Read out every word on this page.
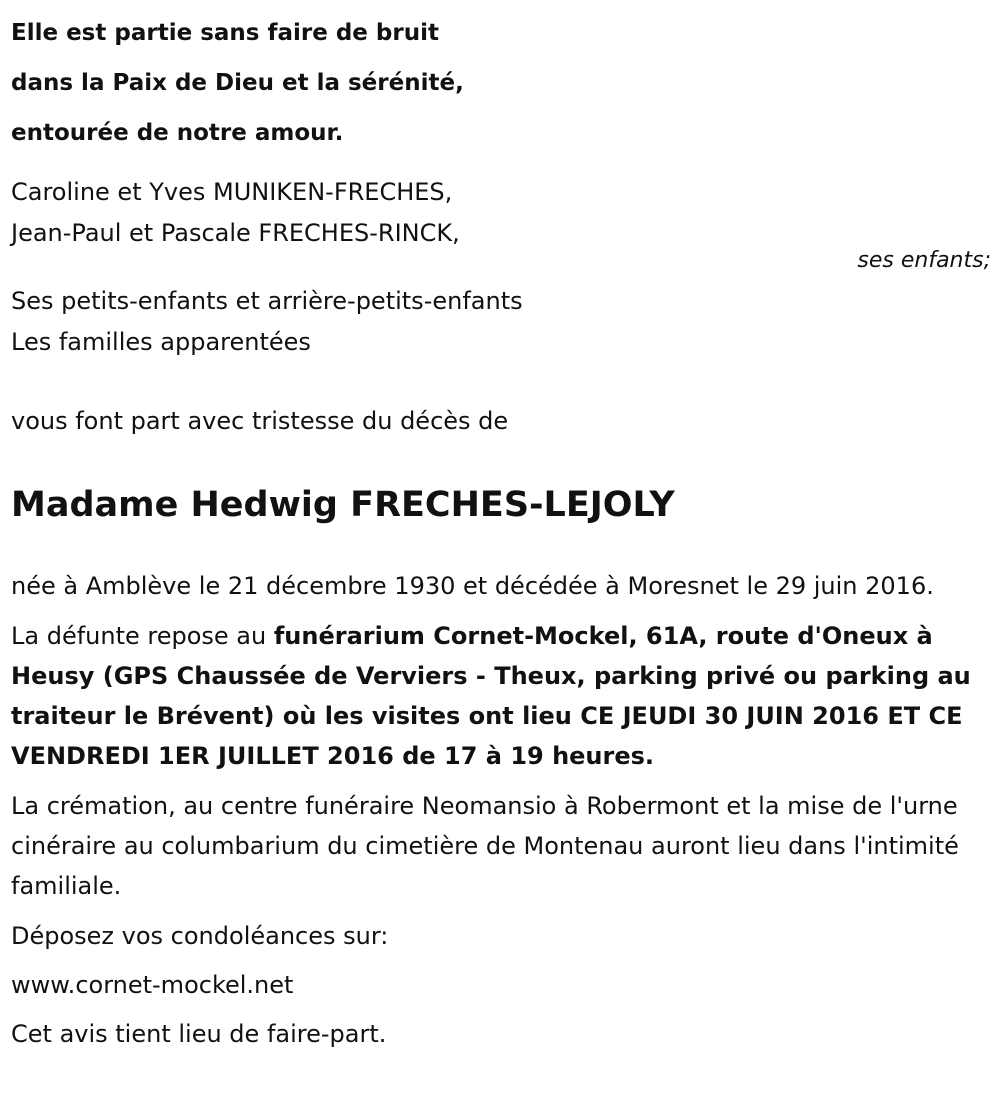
Elle est partie sans faire de bruit
dans la Paix de Dieu et la sérénité,
entourée de notre amour.
Caroline et Yves MUNIKEN-FRECHES,
Jean-Paul et Pascale FRECHES-RINCK,
ses enfants;
Ses petits-enfants et arrière-petits-enfants
Les familles apparentées
vous font part avec tristesse du décès de
Madame Hedwig FRECHES-LEJOLY

née à Amblève le 21 décembre 1930 et décédée à Moresnet le 29 juin 2016.

La défunte repose au funérarium Cornet-Mockel, 61A, route d'Oneux à Heusy (GPS Chaussée de Verviers - Theux, parking privé ou parking au traiteur le Brévent) où les visites ont lieu CE JEUDI 30 JUIN 2016 ET CE VENDREDI 1ER JUILLET 2016 de 17 à 19 heures.

La crémation, au centre funéraire Neomansio à Robermont et la mise de l'urne cinéraire au columbarium du cimetière de Montenau auront lieu dans l'intimité familiale.

Déposez vos condoléances sur:

www.cornet-mockel.net

Cet avis tient lieu de faire-part.
